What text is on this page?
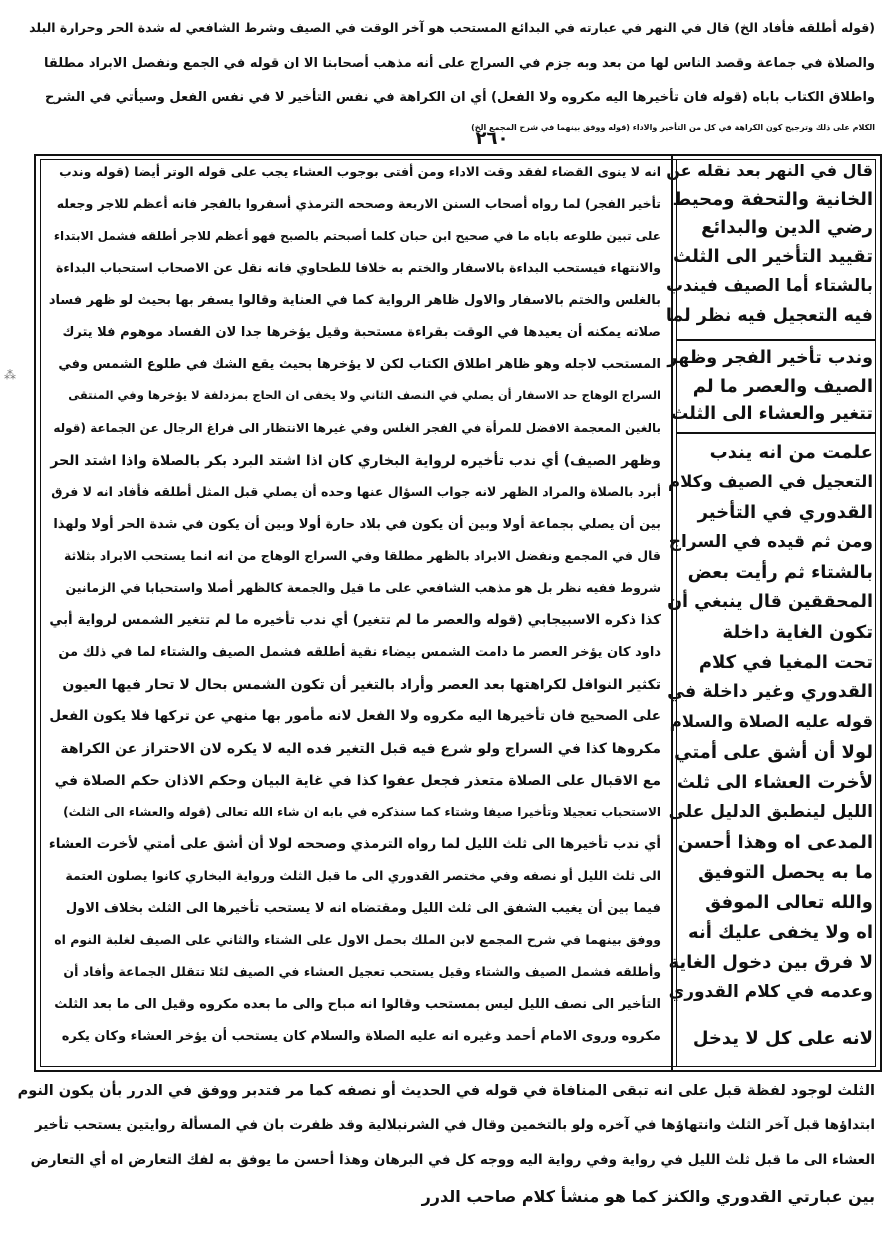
(قوله أطلقه فأفاد الخ) قال في النهر في عبارته في البدائع المستحب هو آخر الوقت في الصيف وشرط الشافعي له شدة الحر وحرارة البلد
والصلاة في جماعة وقصد الناس لها من بعد وبه جزم في السراج على أنه مذهب أصحابنا الا ان قوله في الجمع ونفصل الابراد مطلقا
واطلاق الكتاب باباه (قوله فان تأخيرها اليه مكروه ولا الفعل) أي ان الكراهة في نفس التأخير لا في نفس الفعل وسيأتي في الشرح
الكلام على ذلك وترجيح كون الكراهة في كل من التأخير والاداء (قوله ووفق بينهما في شرح المجمع الخ)
٢٦٠
انه لا ينوى القضاء لفقد وقت الاداء ومن أفتى بوجوب العشاء يجب على قوله الوتر أيضا (قوله وندب
تأخير الفجر) لما رواه أصحاب السنن الاربعة وصححه الترمذي أسفروا بالفجر فانه أعظم للاجر وجعله
على تبين طلوعه باباه ما في صحيح ابن حبان كلما أصبحتم بالصبح فهو أعظم للاجر أطلقه فشمل الابتداء
والانتهاء فيستحب البداءة بالاسفار والختم به خلافا للطحاوي فانه نقل عن الاصحاب استحباب البداءة
بالغلس والختم بالاسفار والاول ظاهر الرواية كما في العناية وقالوا يسفر بها بحيث لو ظهر فساد
صلاته يمكنه أن يعيدها في الوقت بقراءة مستحبة وقيل يؤخرها جدا لان الفساد موهوم فلا يترك
المستحب لاجله وهو ظاهر اطلاق الكتاب لكن لا يؤخرها بحيث يقع الشك في طلوع الشمس وفي
السراج الوهاج حد الاسفار أن يصلي في النصف الثاني ولا يخفى ان الحاج بمزدلفة لا يؤخرها وفي المنتقى
بالغين المعجمة الافضل للمرأة في الفجر الغلس وفي غيرها الانتظار الى فراغ الرجال عن الجماعة (قوله
وظهر الصيف) أي ندب تأخيره لرواية البخاري كان اذا اشتد البرد بكر بالصلاة واذا اشتد الحر
أبرد بالصلاة والمراد الظهر لانه جواب السؤال عنها وحده أن يصلي قبل المثل أطلقه فأفاد انه لا فرق
بين أن يصلي بجماعة أولا وبين أن يكون في بلاد حارة أولا وبين أن يكون في شدة الحر أولا ولهذا
قال في المجمع ونفضل الابراد بالظهر مطلقا وفي السراج الوهاج من انه انما يستحب الابراد بثلاثة
شروط ففيه نظر بل هو مذهب الشافعي على ما قيل والجمعة كالظهر أصلا واستحبابا في الزمانين
كذا ذكره الاسبيجابي (قوله والعصر ما لم تتغير) أي ندب تأخيره ما لم تتغير الشمس لرواية أبي
داود كان يؤخر العصر ما دامت الشمس بيضاء نقية أطلقه فشمل الصيف والشتاء لما في ذلك من
تكثير النوافل لكراهتها بعد العصر وأراد بالتغير أن تكون الشمس بحال لا تحار فيها العيون
على الصحيح فان تأخيرها اليه مكروه ولا الفعل لانه مأمور بها منهي عن تركها فلا يكون الفعل
مكروها كذا في السراج ولو شرع فيه قبل التغير فده اليه لا يكره لان الاحتراز عن الكراهة
مع الاقبال على الصلاة متعذر فجعل عفوا كذا في غاية البيان وحكم الاذان حكم الصلاة في
الاستحباب تعجيلا وتأخيرا صيفا وشتاء كما سنذكره في بابه ان شاء الله تعالى (قوله والعشاء الى الثلث)
أي ندب تأخيرها الى ثلث الليل لما رواه الترمذي وصححه لولا أن أشق على أمتي لأخرت العشاء
الى ثلث الليل أو نصفه وفي مختصر القدوري الى ما قبل الثلث ورواية البخاري كانوا يصلون العتمة
فيما بين أن يغيب الشفق الى ثلث الليل ومقتضاه انه لا يستحب تأخيرها الى الثلث بخلاف الاول
ووفق بينهما في شرح المجمع لابن الملك بحمل الاول على الشتاء والثاني على الصيف لغلبة النوم اه
وأطلقه فشمل الصيف والشتاء وقيل يستحب تعجيل العشاء في الصيف لئلا تتقلل الجماعة وأفاد أن
التأخير الى نصف الليل ليس بمستحب وقالوا انه مباح والى ما بعده مكروه وقيل الى ما بعد الثلث
مكروه وروى الامام أحمد وغيره انه عليه الصلاة والسلام كان يستحب أن يؤخر العشاء وكان يكره
قال في النهر بعد نقله عن
الخانية والتحفة ومحيط
رضي الدين والبدائع
تقييد التأخير الى الثلث
بالشتاء أما الصيف فيندب
فيه التعجيل فيه نظر لما
وندب تأخير الفجر وظهر
الصيف والعصر ما لم
تتغير والعشاء الى الثلث
علمت من انه يندب
التعجيل في الصيف وكلام
القدوري في التأخير
ومن ثم قيده في السراج
بالشتاء ثم رأيت بعض
المحققين قال ينبغي أن
تكون الغاية داخلة
تحت المغيا في كلام
القدوري وغير داخلة في
قوله عليه الصلاة والسلام
لولا أن أشق على أمتي
لأخرت العشاء الى ثلث
الليل لينطبق الدليل على
المدعى اه وهذا أحسن
ما به يحصل التوفيق
والله تعالى الموفق
اه ولا يخفى عليك أنه
لا فرق بين دخول الغاية
وعدمه في كلام القدوري
لانه على كل لا يدخل
الثلث لوجود لفظة قبل على انه تبقى المنافاة في قوله في الحديث أو نصفه كما مر فتدبر ووفق في الدرر بأن يكون النوم
ابتداؤها قبل آخر الثلث وانتهاؤها في آخره ولو بالتخمين وقال في الشرنبلالية وقد ظفرت بان في المسألة روايتين يستحب تأخير
العشاء الى ما قبل ثلث الليل في رواية وفي رواية اليه ووجه كل في البرهان وهذا أحسن ما يوفق به لفك التعارض اه أي التعارض
بين عبارتي القدوري والكنز كما هو منشأ كلام صاحب الدرر
⁂
